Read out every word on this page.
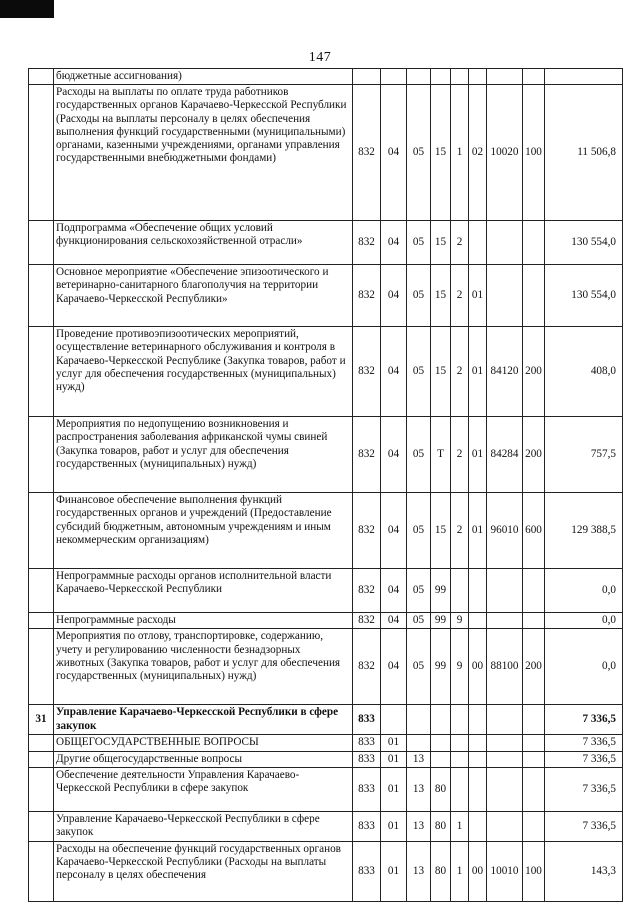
147
	бюджетные ассигнования)									
	Расходы на выплаты по оплате труда работников государственных органов Карачаево-Черкесской Республики (Расходы на выплаты персоналу в целях обеспечения выполнения функций государственными (муниципальными) органами, казенными учреждениями, органами управления государственными внебюджетными фондами)	832	04	05	15	1	02	10020	100	11 506,8
	Подпрограмма «Обеспечение общих условий функционирования сельскохозяйственной отрасли»	832	04	05	15	2				130 554,0
	Основное мероприятие «Обеспечение эпизоотического и ветеринарно-санитарного благополучия на территории Карачаево-Черкесской Республики»	832	04	05	15	2	01			130 554,0
	Проведение противоэпизоотических мероприятий, осуществление ветеринарного обслуживания и контроля в Карачаево-Черкесской Республике (Закупка товаров, работ и услуг для обеспечения государственных (муниципальных) нужд)	832	04	05	15	2	01	84120	200	408,0
	Мероприятия по недопущению возникновения и распространения заболевания африканской чумы свиней (Закупка товаров, работ и услуг для обеспечения государственных (муниципальных) нужд)	832	04	05	Т	2	01	84284	200	757,5
	Финансовое обеспечение выполнения функций государственных органов и учреждений (Предоставление субсидий бюджетным, автономным учреждениям и иным некоммерческим организациям)	832	04	05	15	2	01	96010	600	129 388,5
	Непрограммные расходы органов исполнительной власти Карачаево-Черкесской Республики	832	04	05	99					0,0
	Непрограммные расходы	832	04	05	99	9				0,0
	Мероприятия по отлову, транспортировке, содержанию, учету и регулированию численности безнадзорных животных (Закупка товаров, работ и услуг для обеспечения государственных (муниципальных) нужд)	832	04	05	99	9	00	88100	200	0,0
31	Управление Карачаево-Черкесской Республики в сфере закупок	833								7 336,5
	ОБЩЕГОСУДАРСТВЕННЫЕ ВОПРОСЫ	833	01							7 336,5
	Другие общегосударственные вопросы	833	01	13						7 336,5
	Обеспечение деятельности Управления Карачаево-Черкесской Республики в сфере закупок	833	01	13	80					7 336,5
	Управление Карачаево-Черкесской Республики в сфере закупок	833	01	13	80	1				7 336,5
	Расходы на обеспечение функций государственных органов Карачаево-Черкесской Республики (Расходы на выплаты персоналу в целях обеспечения	833	01	13	80	1	00	10010	100	143,3
